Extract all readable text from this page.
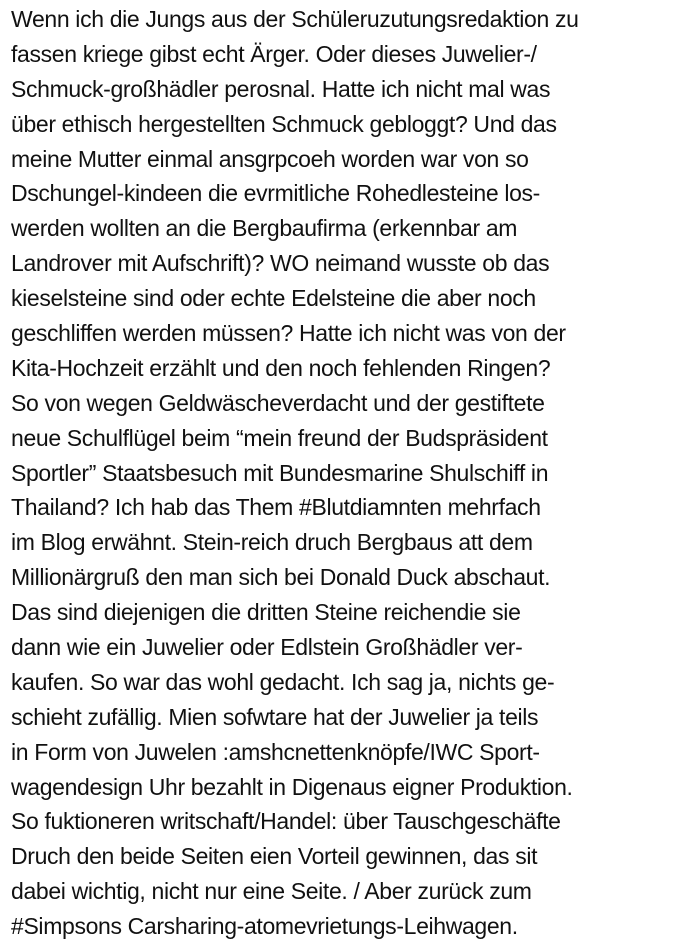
Wenn ich die Jungs aus der Schüleruzutungsredaktion zu
fassen kriege gibst echt Ärger. Oder dieses Juwelier-/
Schmuck-großhädler perosnal. Hatte ich nicht mal was
über ethisch hergestellten Schmuck gebloggt? Und das
meine Mutter einmal ansgrpcoeh worden war von so
Dschungel-kindeen die evrmitliche Rohedlesteine los-
werden wollten an die Bergbaufirma (erkennbar am
Landrover mit Aufschrift)? WO neimand wusste ob das
kieselsteine sind oder echte Edelsteine die aber noch
geschliffen werden müssen? Hatte ich nicht was von der
Kita-Hochzeit erzählt und den noch fehlenden Ringen?
So von wegen Geldwäscheverdacht und der gestiftete
neue Schulflügel beim “mein freund der Budspräsident
Sportler” Staatsbesuch mit Bundesmarine Shulschiff in
Thailand? Ich hab das Them #Blutdiamnten mehrfach
im Blog erwähnt. Stein-reich druch Bergbaus att dem
Millionärgruß den man sich bei Donald Duck abschaut.
Das sind diejenigen die dritten Steine reichendie sie
dann wie ein Juwelier oder Edlstein Großhädler ver-
kaufen. So war das wohl gedacht. Ich sag ja, nichts ge-
schieht zufällig. Mien sofwtare hat der Juwelier ja teils
in Form von Juwelen :amshcnettenknöpfe/IWC Sport-
wagendesign Uhr bezahlt in Digenaus eigner Produktion.
So fuktioneren writschaft/Handel: über Tauschgeschäfte
Druch den beide Seiten eien Vorteil gewinnen, das sit
dabei wichtig, nicht nur eine Seite. / Aber zurück zum
#Simpsons Carsharing-atomevrietungs-Leihwagen.
